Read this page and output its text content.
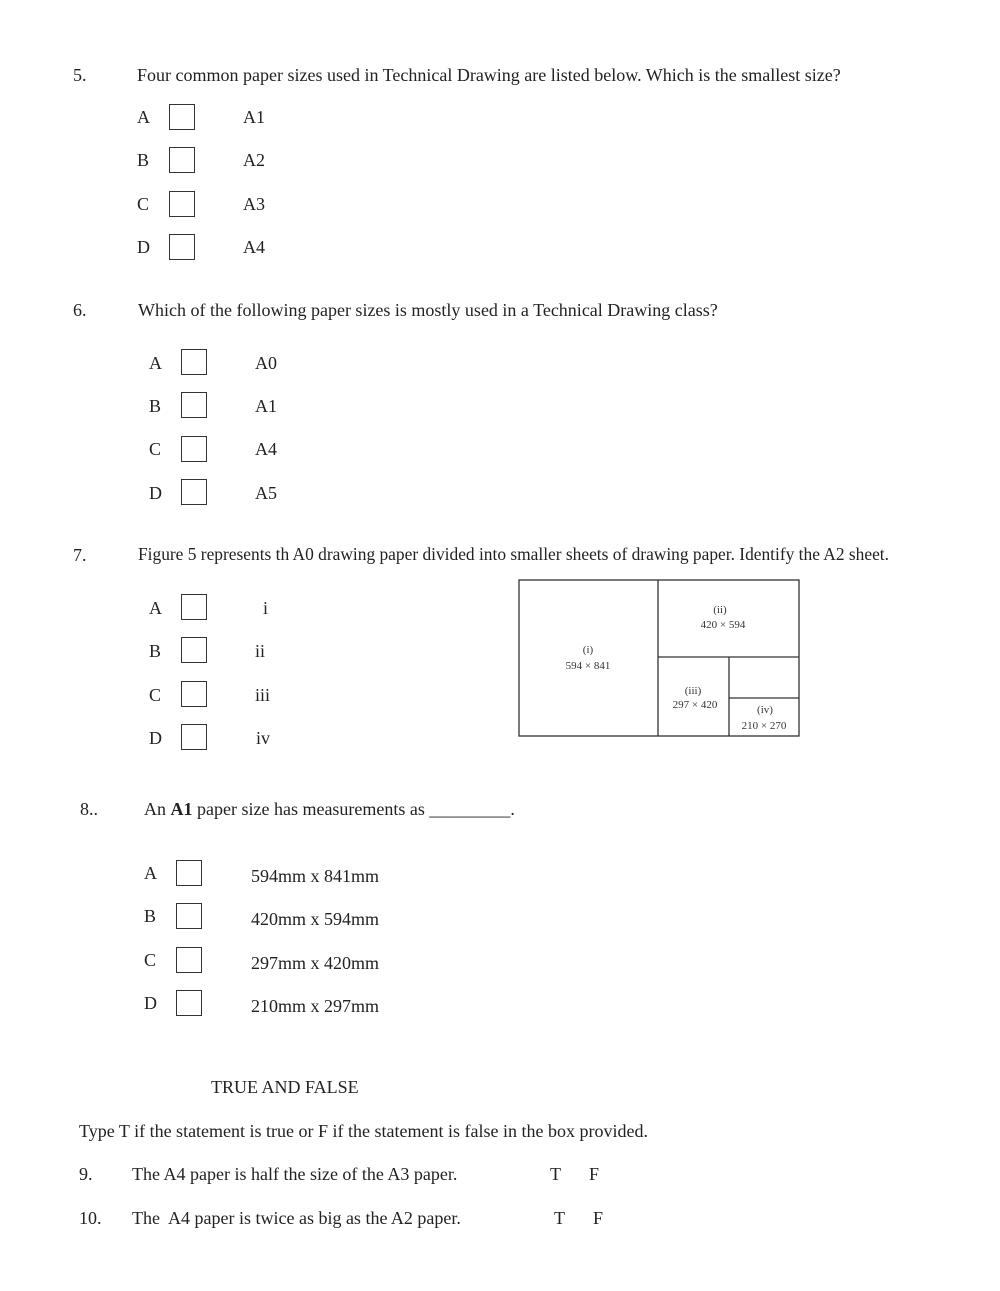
5.	Four common paper sizes used in Technical Drawing are listed below. Which is the smallest size?
A	A1
B	A2
C	A3
D	A4
6.	Which of the following paper sizes is mostly used in a Technical Drawing class?
A	A0
B	A1
C	A4
D	A5
7.	Figure 5 represents th A0 drawing paper divided into smaller sheets of drawing paper. Identify the A2 sheet.
A	i
B	ii
C	iii
D	iv
(i)
594 × 841
(ii)
420 × 594
(iii)
297 × 420	(iv)
210 × 270
8..	An A1 paper size has measurements as _________.
A	594mm x 841mm
B	420mm x 594mm
C	297mm x 420mm
D	210mm x 297mm
TRUE AND FALSE
Type T if the statement is true or F if the statement is false in the box provided.
9. The A4 paper is half the size of the A3 paper.	T F
10. The  A4 paper is twice as big as the A2 paper.	T F
